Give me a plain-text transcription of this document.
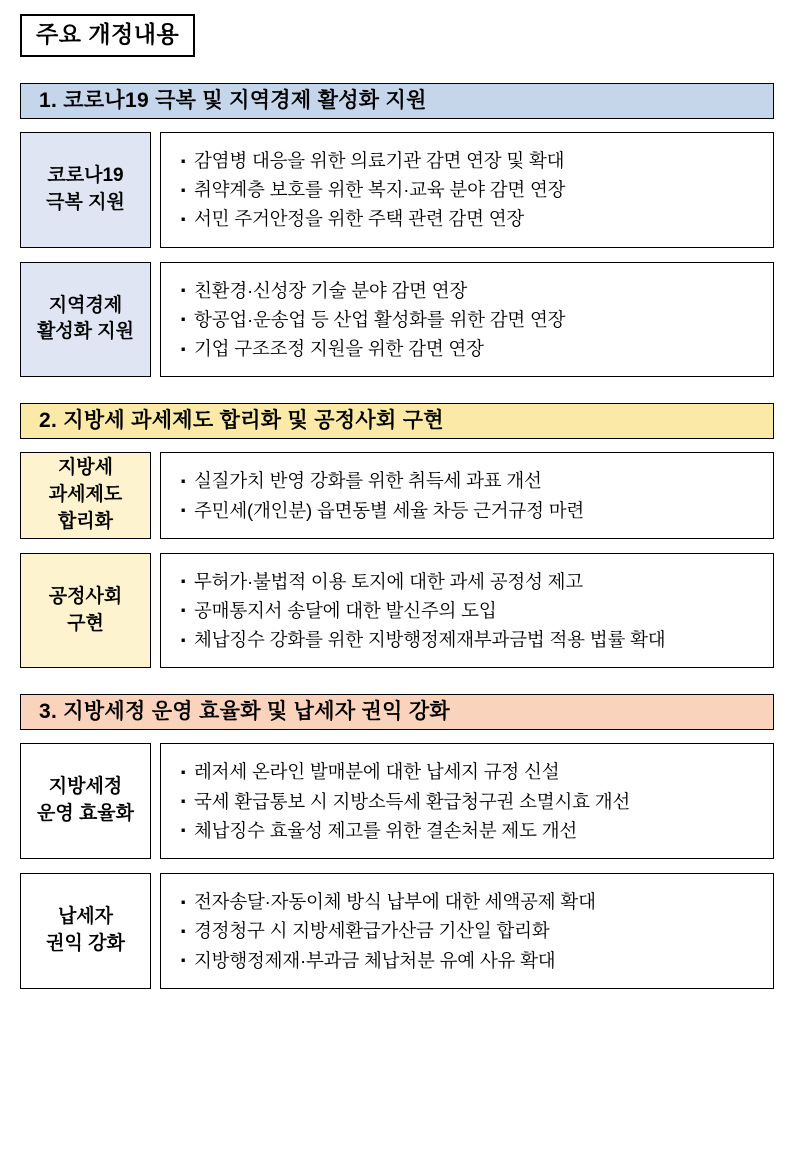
주요 개정내용
1. 코로나19 극복 및 지역경제 활성화 지원
코로나19
극복 지원
· 감염병 대응을 위한 의료기관 감면 연장 및 확대
· 취약계층 보호를 위한 복지·교육 분야 감면 연장
· 서민 주거안정을 위한 주택 관련 감면 연장
지역경제
활성화 지원
· 친환경·신성장 기술 분야 감면 연장
· 항공업·운송업 등 산업 활성화를 위한 감면 연장
· 기업 구조조정 지원을 위한 감면 연장
2. 지방세 과세제도 합리화 및 공정사회 구현
지방세
과세제도
합리화
· 실질가치 반영 강화를 위한 취득세 과표 개선
· 주민세(개인분) 읍면동별 세율 차등 근거규정 마련
공정사회
구현
· 무허가·불법적 이용 토지에 대한 과세 공정성 제고
· 공매통지서 송달에 대한 발신주의 도입
· 체납징수 강화를 위한 지방행정제재부과금법 적용 법률 확대
3. 지방세정 운영 효율화 및 납세자 권익 강화
지방세정
운영 효율화
· 레저세 온라인 발매분에 대한 납세지 규정 신설
· 국세 환급통보 시 지방소득세 환급청구권 소멸시효 개선
· 체납징수 효율성 제고를 위한 결손처분 제도 개선
납세자
권익 강화
· 전자송달·자동이체 방식 납부에 대한 세액공제 확대
· 경정청구 시 지방세환급가산금 기산일 합리화
· 지방행정제재·부과금 체납처분 유예 사유 확대
